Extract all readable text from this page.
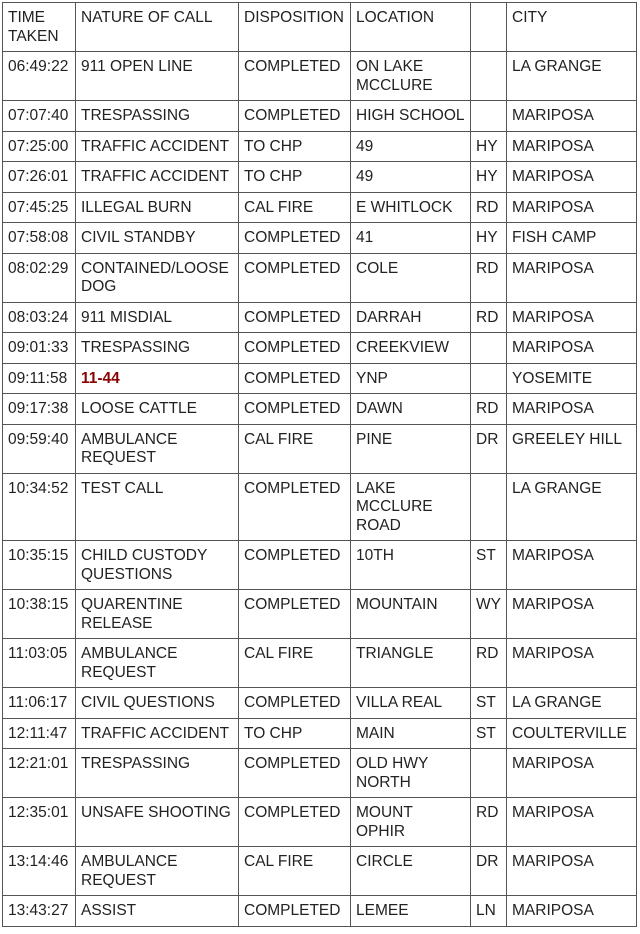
TIME TAKEN	NATURE OF CALL	DISPOSITION	LOCATION		CITY
06:49:22	911 OPEN LINE	COMPLETED	ON LAKE MCCLURE		LA GRANGE
07:07:40	TRESPASSING	COMPLETED	HIGH SCHOOL		MARIPOSA
07:25:00	TRAFFIC ACCIDENT	TO CHP	49	HY	MARIPOSA
07:26:01	TRAFFIC ACCIDENT	TO CHP	49	HY	MARIPOSA
07:45:25	ILLEGAL BURN	CAL FIRE	E WHITLOCK	RD	MARIPOSA
07:58:08	CIVIL STANDBY	COMPLETED	41	HY	FISH CAMP
08:02:29	CONTAINED/LOOSE DOG	COMPLETED	COLE	RD	MARIPOSA
08:03:24	911 MISDIAL	COMPLETED	DARRAH	RD	MARIPOSA
09:01:33	TRESPASSING	COMPLETED	CREEKVIEW		MARIPOSA
09:11:58	11-44	COMPLETED	YNP		YOSEMITE
09:17:38	LOOSE CATTLE	COMPLETED	DAWN	RD	MARIPOSA
09:59:40	AMBULANCE REQUEST	CAL FIRE	PINE	DR	GREELEY HILL
10:34:52	TEST CALL	COMPLETED	LAKE MCCLURE ROAD		LA GRANGE
10:35:15	CHILD CUSTODY QUESTIONS	COMPLETED	10TH	ST	MARIPOSA
10:38:15	QUARENTINE RELEASE	COMPLETED	MOUNTAIN	WY	MARIPOSA
11:03:05	AMBULANCE REQUEST	CAL FIRE	TRIANGLE	RD	MARIPOSA
11:06:17	CIVIL QUESTIONS	COMPLETED	VILLA REAL	ST	LA GRANGE
12:11:47	TRAFFIC ACCIDENT	TO CHP	MAIN	ST	COULTERVILLE
12:21:01	TRESPASSING	COMPLETED	OLD HWY NORTH		MARIPOSA
12:35:01	UNSAFE SHOOTING	COMPLETED	MOUNT OPHIR	RD	MARIPOSA
13:14:46	AMBULANCE REQUEST	CAL FIRE	CIRCLE	DR	MARIPOSA
13:43:27	ASSIST	COMPLETED	LEMEE	LN	MARIPOSA
